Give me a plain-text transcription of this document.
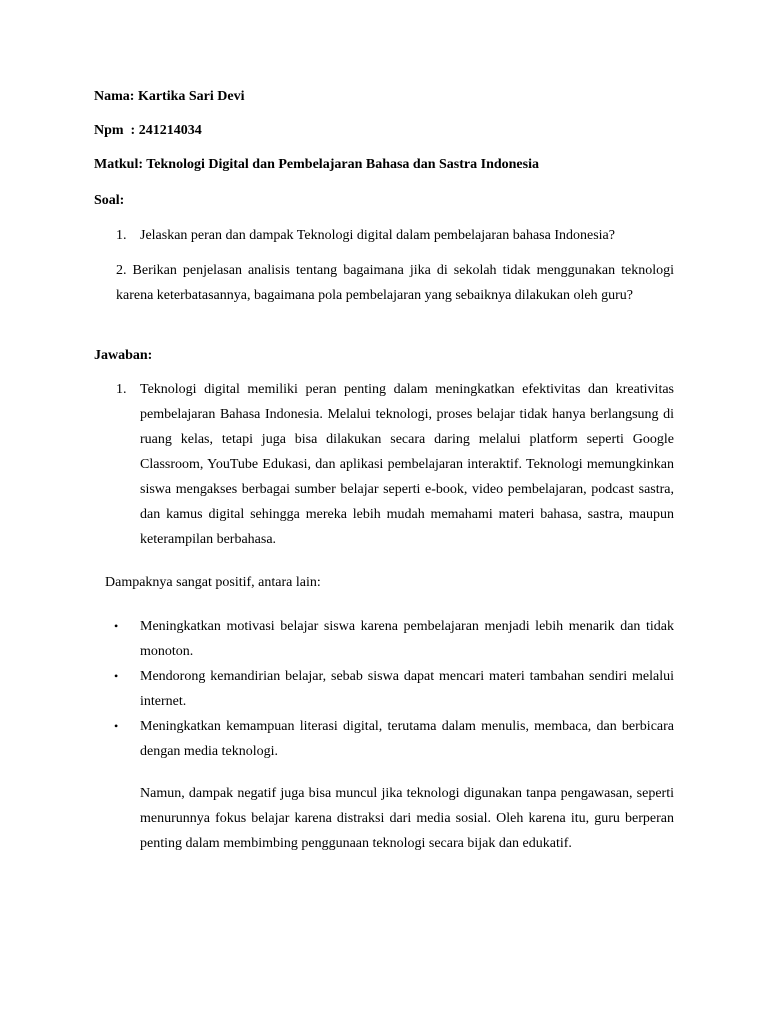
Nama: Kartika Sari Devi
Npm  : 241214034
Matkul: Teknologi Digital dan Pembelajaran Bahasa dan Sastra Indonesia
Soal:
1. Jelaskan peran dan dampak Teknologi digital dalam pembelajaran bahasa Indonesia?
2. Berikan penjelasan analisis tentang bagaimana jika di sekolah tidak menggunakan teknologi karena keterbatasannya, bagaimana pola pembelajaran yang sebaiknya dilakukan oleh guru?
Jawaban:
1. Teknologi digital memiliki peran penting dalam meningkatkan efektivitas dan kreativitas pembelajaran Bahasa Indonesia. Melalui teknologi, proses belajar tidak hanya berlangsung di ruang kelas, tetapi juga bisa dilakukan secara daring melalui platform seperti Google Classroom, YouTube Edukasi, dan aplikasi pembelajaran interaktif. Teknologi memungkinkan siswa mengakses berbagai sumber belajar seperti e-book, video pembelajaran, podcast sastra, dan kamus digital sehingga mereka lebih mudah memahami materi bahasa, sastra, maupun keterampilan berbahasa.
Dampaknya sangat positif, antara lain:
• Meningkatkan motivasi belajar siswa karena pembelajaran menjadi lebih menarik dan tidak monoton.
• Mendorong kemandirian belajar, sebab siswa dapat mencari materi tambahan sendiri melalui internet.
• Meningkatkan kemampuan literasi digital, terutama dalam menulis, membaca, dan berbicara dengan media teknologi.
Namun, dampak negatif juga bisa muncul jika teknologi digunakan tanpa pengawasan, seperti menurunnya fokus belajar karena distraksi dari media sosial. Oleh karena itu, guru berperan penting dalam membimbing penggunaan teknologi secara bijak dan edukatif.
